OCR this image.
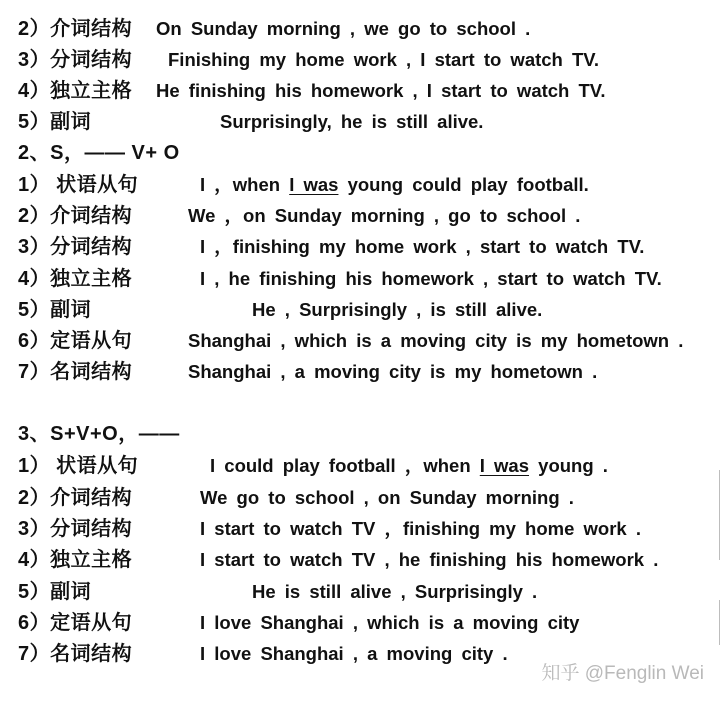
2）介词结构 On Sunday morning , we go to school .
3）分词结构 Finishing my home work , I start to watch TV.
4）独立主格 He finishing his homework , I start to watch TV.
5）副词	Surprisingly, he is still alive.
2、S，—— V+ O
1） 状语从句	I ，when I was young could play football.
2）介词结构	We ，on Sunday morning , go to school .
3）分词结构	I ，finishing my home work , start to watch TV.
4）独立主格	I , he finishing his homework , start to watch TV.
5）副词	He , Surprisingly , is still alive.
6）定语从句	Shanghai , which is a moving city is my hometown .
7）名词结构	Shanghai , a moving city is my hometown .
3、S+V+O，——
1） 状语从句	I could play football ，when I was young .
2）介词结构	We go to school , on Sunday morning .
3）分词结构	I start to watch TV ，finishing my home work .
4）独立主格	I start to watch TV , he finishing his homework .
5）副词	He is still alive , Surprisingly .
6）定语从句	I love Shanghai , which is a moving city
7）名词结构	I love Shanghai , a moving city .
知乎 @Fenglin Wei
